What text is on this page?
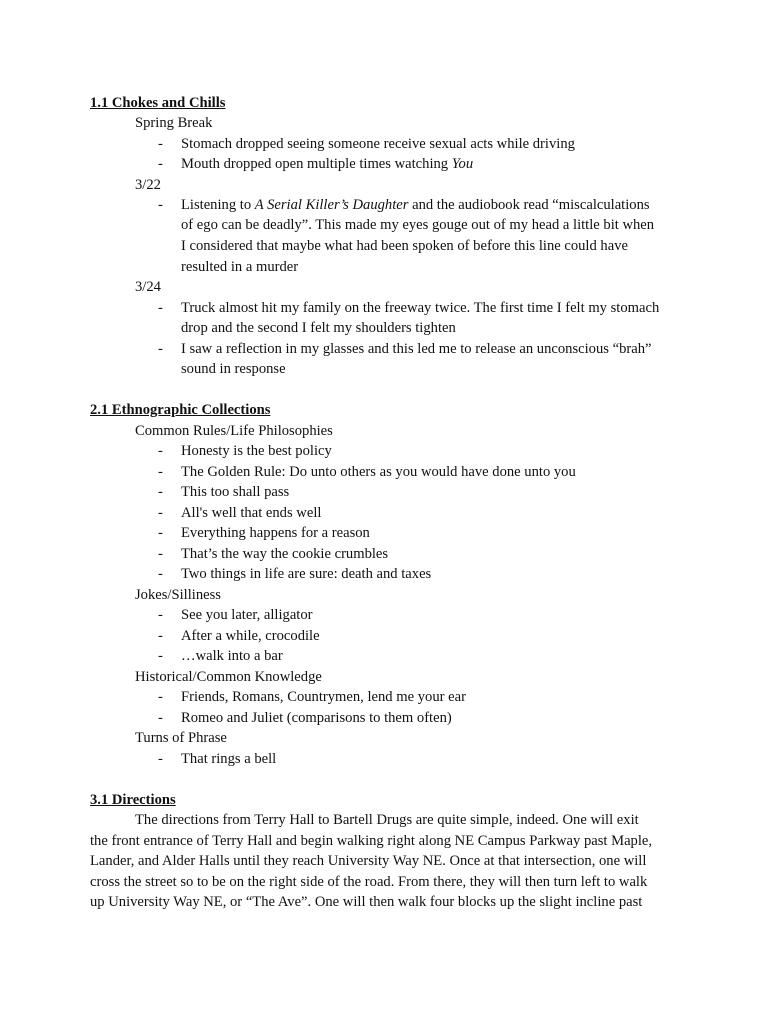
1.1 Chokes and Chills
Spring Break
- Stomach dropped seeing someone receive sexual acts while driving
- Mouth dropped open multiple times watching You
3/22
- Listening to A Serial Killer’s Daughter and the audiobook read “miscalculations
of ego can be deadly”. This made my eyes gouge out of my head a little bit when
I considered that maybe what had been spoken of before this line could have
resulted in a murder
3/24
- Truck almost hit my family on the freeway twice. The first time I felt my stomach
drop and the second I felt my shoulders tighten
- I saw a reflection in my glasses and this led me to release an unconscious “brah”
sound in response
2.1 Ethnographic Collections
Common Rules/Life Philosophies
- Honesty is the best policy
- The Golden Rule: Do unto others as you would have done unto you
- This too shall pass
- All's well that ends well
- Everything happens for a reason
- That’s the way the cookie crumbles
- Two things in life are sure: death and taxes
Jokes/Silliness
- See you later, alligator
- After a while, crocodile
- …walk into a bar
Historical/Common Knowledge
- Friends, Romans, Countrymen, lend me your ear
- Romeo and Juliet (comparisons to them often)
Turns of Phrase
- That rings a bell
3.1 Directions
The directions from Terry Hall to Bartell Drugs are quite simple, indeed. One will exit
the front entrance of Terry Hall and begin walking right along NE Campus Parkway past Maple,
Lander, and Alder Halls until they reach University Way NE. Once at that intersection, one will
cross the street so to be on the right side of the road. From there, they will then turn left to walk
up University Way NE, or “The Ave”. One will then walk four blocks up the slight incline past
